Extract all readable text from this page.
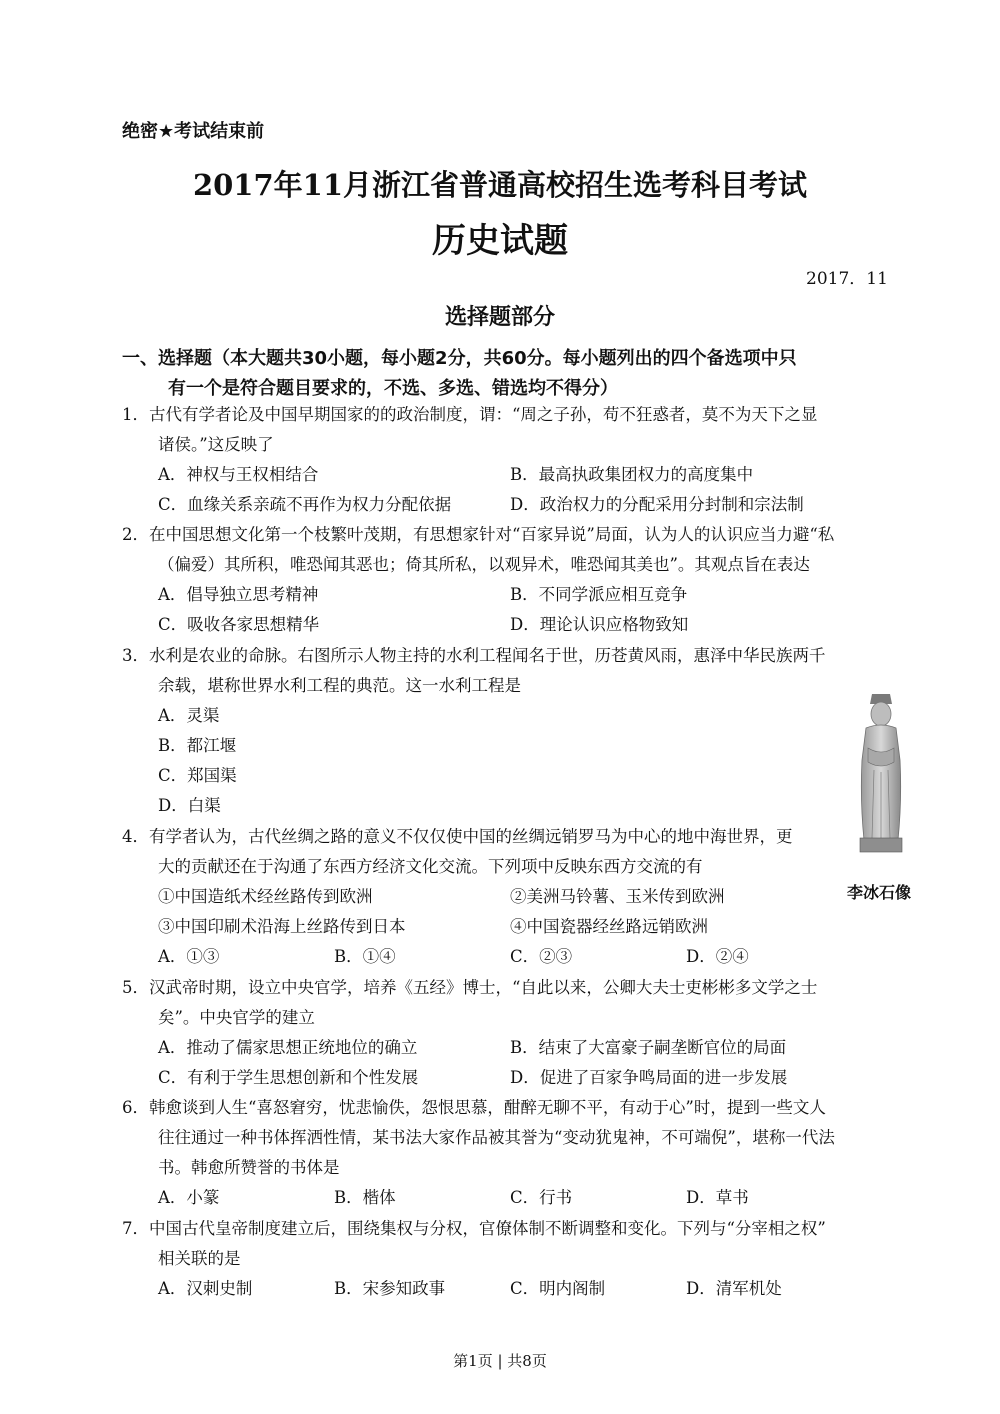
绝密★考试结束前
2017年11月浙江省普通高校招生选考科目考试
历史试题
2017．11
选择题部分
一、选择题（本大题共30小题，每小题2分，共60分。每小题列出的四个备选项中只
有一个是符合题目要求的，不选、多选、错选均不得分）
1．古代有学者论及中国早期国家的的政治制度，谓：“周之子孙，苟不狂惑者，莫不为天下之显
诸侯。”这反映了
A．神权与王权相结合	B．最高执政集团权力的高度集中
C．血缘关系亲疏不再作为权力分配依据	D．政治权力的分配采用分封制和宗法制
2．在中国思想文化第一个枝繁叶茂期，有思想家针对“百家异说”局面，认为人的认识应当力避“私
（偏爱）其所积，唯恐闻其恶也；倚其所私，以观异术，唯恐闻其美也”。其观点旨在表达
A．倡导独立思考精神	B．不同学派应相互竞争
C．吸收各家思想精华	D．理论认识应格物致知
3．水利是农业的命脉。右图所示人物主持的水利工程闻名于世，历苍黄风雨，惠泽中华民族两千
余载，堪称世界水利工程的典范。这一水利工程是
A．灵渠
B．都江堰
C．郑国渠
D．白渠
李冰石像
4．有学者认为，古代丝绸之路的意义不仅仅使中国的丝绸远销罗马为中心的地中海世界，更
大的贡献还在于沟通了东西方经济文化交流。下列项中反映东西方交流的有
①中国造纸术经丝路传到欧洲	②美洲马铃薯、玉米传到欧洲
③中国印刷术沿海上丝路传到日本	④中国瓷器经丝路远销欧洲
A．①③	B．①④	C．②③	D．②④
5．汉武帝时期，设立中央官学，培养《五经》博士，“自此以来，公卿大夫士吏彬彬多文学之士
矣”。中央官学的建立
A．推动了儒家思想正统地位的确立	B．结束了大富豪子嗣垄断官位的局面
C．有利于学生思想创新和个性发展	D．促进了百家争鸣局面的进一步发展
6．韩愈谈到人生“喜怒窘穷，忧悲愉佚，怨恨思慕，酣醉无聊不平，有动于心”时，提到一些文人
往往通过一种书体挥洒性情，某书法大家作品被其誉为“变动犹鬼神，不可端倪”，堪称一代法
书。韩愈所赞誉的书体是
A．小篆	B．楷体	C．行书	D．草书
7．中国古代皇帝制度建立后，围绕集权与分权，官僚体制不断调整和变化。下列与“分宰相之权”
相关联的是
A．汉刺史制	B．宋参知政事	C．明内阁制	D．清军机处
第1页 | 共8页
